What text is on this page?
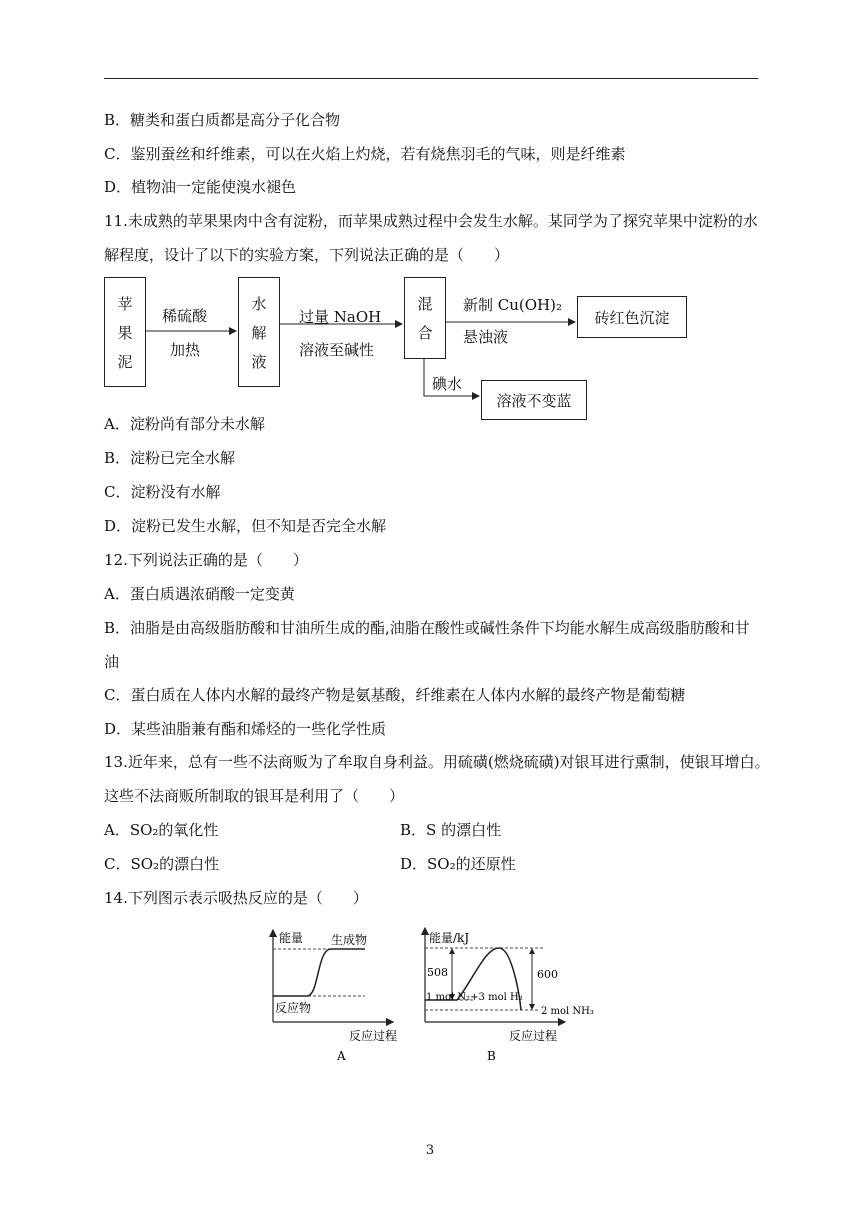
B．糖类和蛋白质都是高分子化合物
C．鉴别蚕丝和纤维素，可以在火焰上灼烧，若有烧焦羽毛的气味，则是纤维素
D．植物油一定能使溴水褪色
11.未成熟的苹果果肉中含有淀粉，而苹果成熟过程中会发生水解。某同学为了探究苹果中淀粉的水
解程度，设计了以下的实验方案，下列说法正确的是（　　）
苹
果
泥
水
解
液
混
合
砖红色沉淀
溶液不变蓝
稀硫酸
加热
过量 NaOH
溶液至碱性
新制 Cu(OH)₂
悬浊液
碘水
A．淀粉尚有部分未水解
B．淀粉已完全水解
C．淀粉没有水解
D．淀粉已发生水解，但不知是否完全水解
12.下列说法正确的是（　　）
A．蛋白质遇浓硝酸一定变黄
B．油脂是由高级脂肪酸和甘油所生成的酯,油脂在酸性或碱性条件下均能水解生成高级脂肪酸和甘
油
C．蛋白质在人体内水解的最终产物是氨基酸，纤维素在人体内水解的最终产物是葡萄糖
D．某些油脂兼有酯和烯烃的一些化学性质
13.近年来，总有一些不法商贩为了牟取自身利益。用硫磺(燃烧硫磺)对银耳进行熏制，使银耳增白。
这些不法商贩所制取的银耳是利用了（　　）
A．SO₂的氧化性	B．S 的漂白性
C．SO₂的漂白性	D．SO₂的还原性
14.下列图示表示吸热反应的是（　　）
能量 生成物
反应物
反应过程
A
能量/kJ
508	600
1 mol N₂+3 mol H₂
2 mol NH₃
反应过程
B
3
